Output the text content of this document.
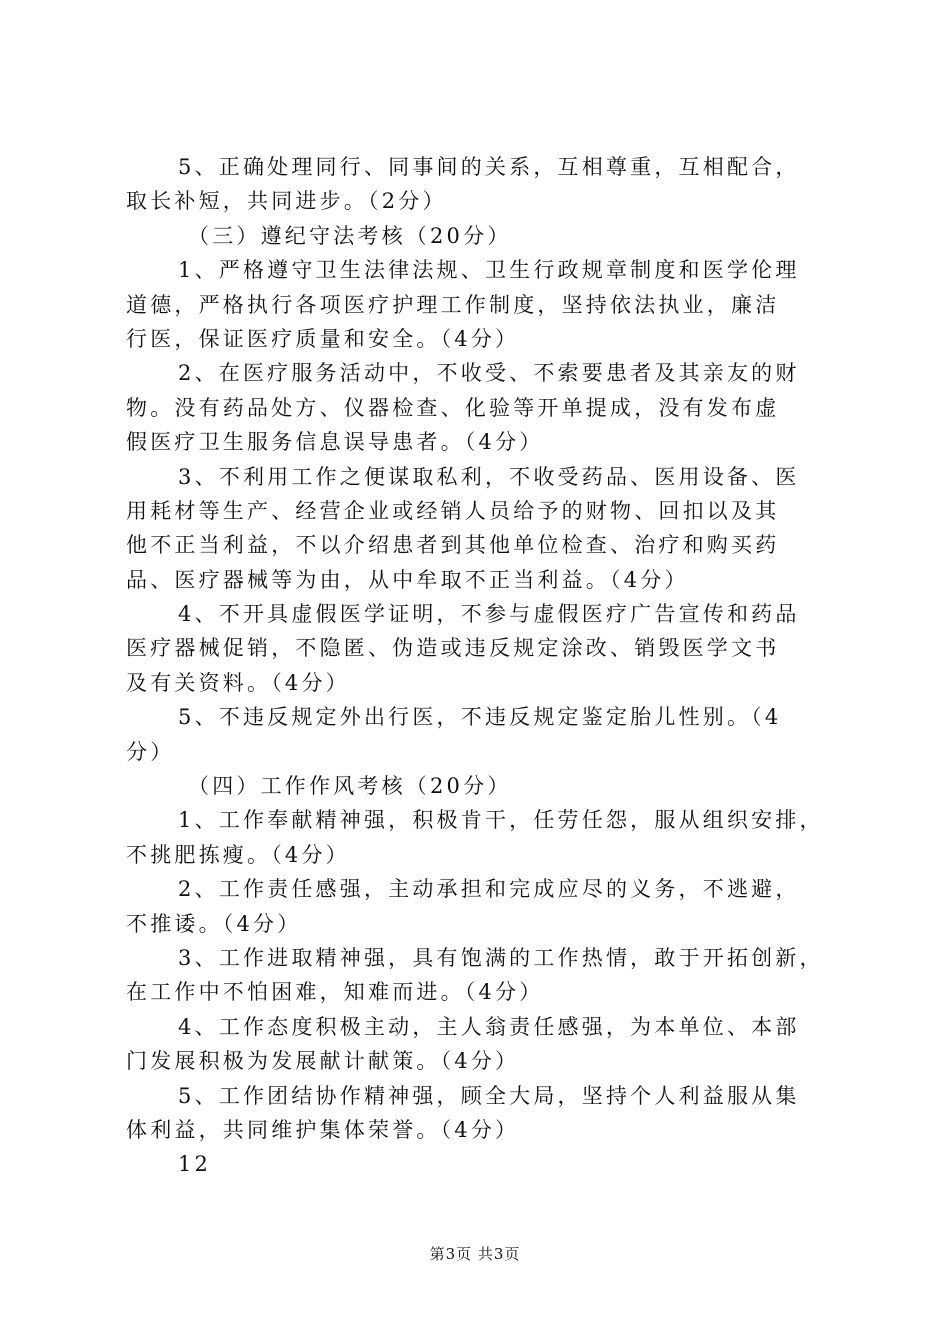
5、正确处理同行、同事间的关系，互相尊重，互相配合，
取长补短，共同进步。（2分）
（三）遵纪守法考核（20分）
1、严格遵守卫生法律法规、卫生行政规章制度和医学伦理
道德，严格执行各项医疗护理工作制度，坚持依法执业，廉洁
行医，保证医疗质量和安全。（4分）
2、在医疗服务活动中，不收受、不索要患者及其亲友的财
物。没有药品处方、仪器检查、化验等开单提成，没有发布虚
假医疗卫生服务信息误导患者。（4分）
3、不利用工作之便谋取私利，不收受药品、医用设备、医
用耗材等生产、经营企业或经销人员给予的财物、回扣以及其
他不正当利益，不以介绍患者到其他单位检查、治疗和购买药
品、医疗器械等为由，从中牟取不正当利益。（4分）
4、不开具虚假医学证明，不参与虚假医疗广告宣传和药品
医疗器械促销，不隐匿、伪造或违反规定涂改、销毁医学文书
及有关资料。（4分）
5、不违反规定外出行医，不违反规定鉴定胎儿性别。（4
分）
（四）工作作风考核（20分）
1、工作奉献精神强，积极肯干，任劳任怨，服从组织安排，
不挑肥拣瘦。（4分）
2、工作责任感强，主动承担和完成应尽的义务，不逃避，
不推诿。（4分）
3、工作进取精神强，具有饱满的工作热情，敢于开拓创新，
在工作中不怕困难，知难而进。（4分）
4、工作态度积极主动，主人翁责任感强，为本单位、本部
门发展积极为发展献计献策。（4分）
5、工作团结协作精神强，顾全大局，坚持个人利益服从集
体利益，共同维护集体荣誉。（4分）
12
第3页 共3页
